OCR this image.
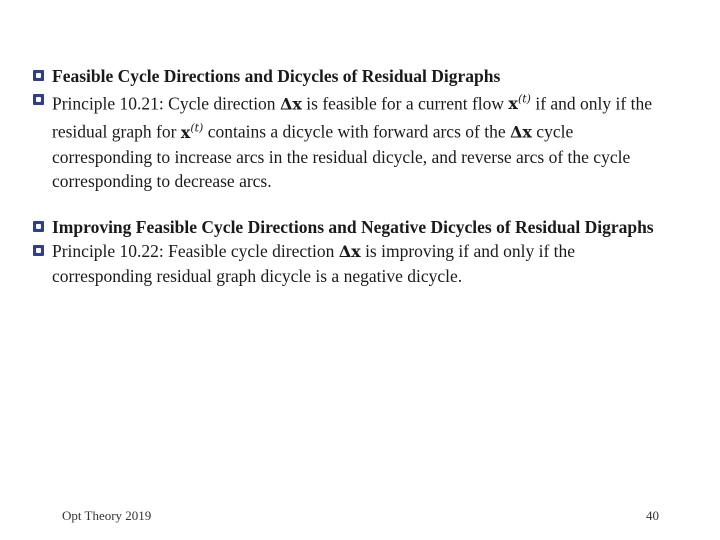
Feasible Cycle Directions and Dicycles of Residual Digraphs
Principle 10.21: Cycle direction Δx is feasible for a current flow $x^{(t)}$ if and only if the residual graph for $x^{(t)}$ contains a dicycle with forward arcs of the Δx cycle corresponding to increase arcs in the residual dicycle, and reverse arcs of the cycle corresponding to decrease arcs.
Improving Feasible Cycle Directions and Negative Dicycles of Residual Digraphs
Principle 10.22: Feasible cycle direction Δx is improving if and only if the corresponding residual graph dicycle is a negative dicycle.
Opt Theory 2019	40
